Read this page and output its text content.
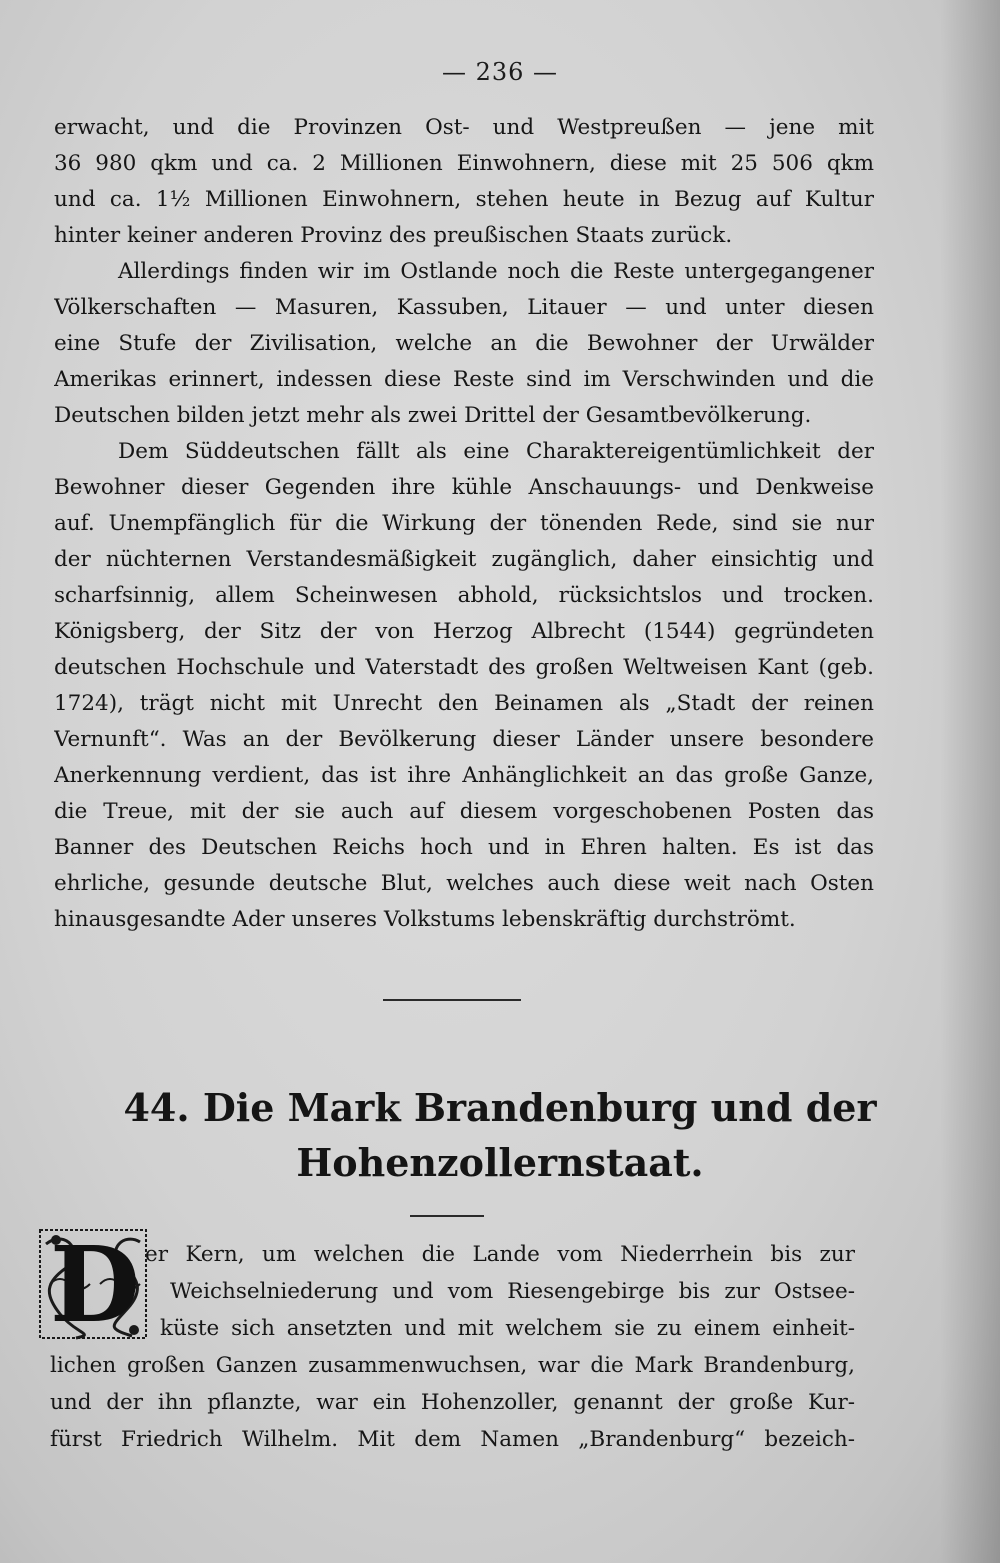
— 236 —
erwacht, und die Provinzen Ost- und Westpreußen — jene mit
36 980 qkm und ca. 2 Millionen Einwohnern, diese mit 25 506 qkm
und ca. 1½ Millionen Einwohnern, stehen heute in Bezug auf Kultur
hinter keiner anderen Provinz des preußischen Staats zurück.
Allerdings finden wir im Ostlande noch die Reste untergegangener
Völkerschaften — Masuren, Kassuben, Litauer — und unter diesen
eine Stufe der Zivilisation, welche an die Bewohner der Urwälder
Amerikas erinnert, indessen diese Reste sind im Verschwinden und die
Deutschen bilden jetzt mehr als zwei Drittel der Gesamtbevölkerung.
Dem Süddeutschen fällt als eine Charaktereigentümlichkeit der
Bewohner dieser Gegenden ihre kühle Anschauungs- und Denkweise
auf. Unempfänglich für die Wirkung der tönenden Rede, sind sie nur
der nüchternen Verstandesmäßigkeit zugänglich, daher einsichtig und
scharfsinnig, allem Scheinwesen abhold, rücksichtslos und trocken.
Königsberg, der Sitz der von Herzog Albrecht (1544) gegründeten
deutschen Hochschule und Vaterstadt des großen Weltweisen Kant (geb.
1724), trägt nicht mit Unrecht den Beinamen als „Stadt der reinen
Vernunft“. Was an der Bevölkerung dieser Länder unsere besondere
Anerkennung verdient, das ist ihre Anhänglichkeit an das große Ganze,
die Treue, mit der sie auch auf diesem vorgeschobenen Posten das
Banner des Deutschen Reichs hoch und in Ehren halten. Es ist das
ehrliche, gesunde deutsche Blut, welches auch diese weit nach Osten
hinausgesandte Ader unseres Volkstums lebenskräftig durchströmt.
44. Die Mark Brandenburg und der
Hohenzollernstaat.
D er Kern, um welchen die Lande vom Niederrhein bis zur
Weichselniederung und vom Riesengebirge bis zur Ostsee-
küste sich ansetzten und mit welchem sie zu einem einheit-
lichen großen Ganzen zusammenwuchsen, war die Mark Brandenburg,
und der ihn pflanzte, war ein Hohenzoller, genannt der große Kur-
fürst Friedrich Wilhelm. Mit dem Namen „Brandenburg“ bezeich-
